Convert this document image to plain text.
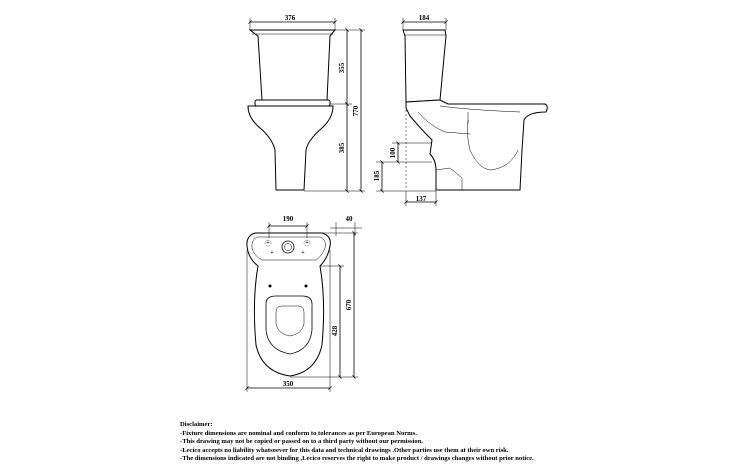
376
355
385
770
184
100
185
137
+	+
+	+
190	40
428
670
350
Disclaimer:
-Fixture dimensions are nominal and conform to tolerances as per European Norms.
-This drawing may not be copied or passed on to a third party without our permission.
-Lecico accepts no liability whatsoever for this data and technical drawings .Other parties use them at their own risk.
-The dimensions indicated are not binding ,Lecico reserves the right to make product / drawings changes without prior notice.
